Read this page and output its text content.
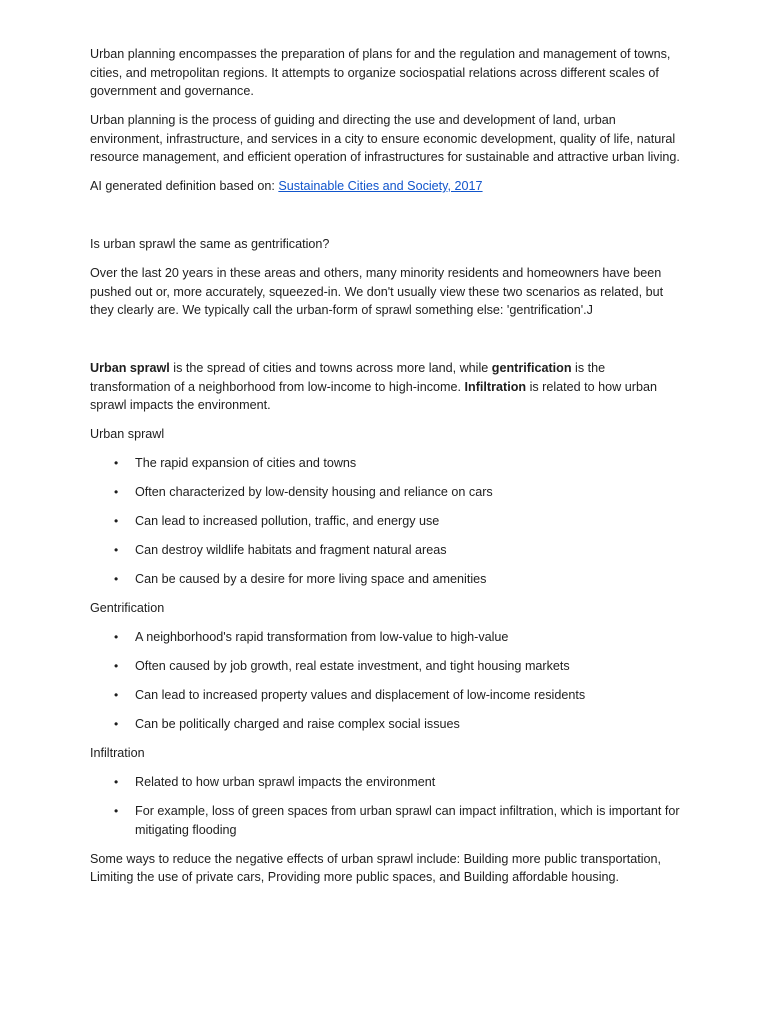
Urban planning encompasses the preparation of plans for and the regulation and management of towns, cities, and metropolitan regions. It attempts to organize sociospatial relations across different scales of government and governance.

Urban planning is the process of guiding and directing the use and development of land, urban environment, infrastructure, and services in a city to ensure economic development, quality of life, natural resource management, and efficient operation of infrastructures for sustainable and attractive urban living.

AI generated definition based on: Sustainable Cities and Society, 2017

Is urban sprawl the same as gentrification?

Over the last 20 years in these areas and others, many minority residents and homeowners have been pushed out or, more accurately, squeezed-in. We don't usually view these two scenarios as related, but they clearly are. We typically call the urban-form of sprawl something else: 'gentrification'.J

Urban sprawl is the spread of cities and towns across more land, while gentrification is the transformation of a neighborhood from low-income to high-income. Infiltration is related to how urban sprawl impacts the environment.

Urban sprawl

• The rapid expansion of cities and towns
• Often characterized by low-density housing and reliance on cars
• Can lead to increased pollution, traffic, and energy use
• Can destroy wildlife habitats and fragment natural areas
• Can be caused by a desire for more living space and amenities

Gentrification

• A neighborhood's rapid transformation from low-value to high-value
• Often caused by job growth, real estate investment, and tight housing markets
• Can lead to increased property values and displacement of low-income residents
• Can be politically charged and raise complex social issues

Infiltration

• Related to how urban sprawl impacts the environment
• For example, loss of green spaces from urban sprawl can impact infiltration, which is important for mitigating flooding

Some ways to reduce the negative effects of urban sprawl include: Building more public transportation, Limiting the use of private cars, Providing more public spaces, and Building affordable housing.
